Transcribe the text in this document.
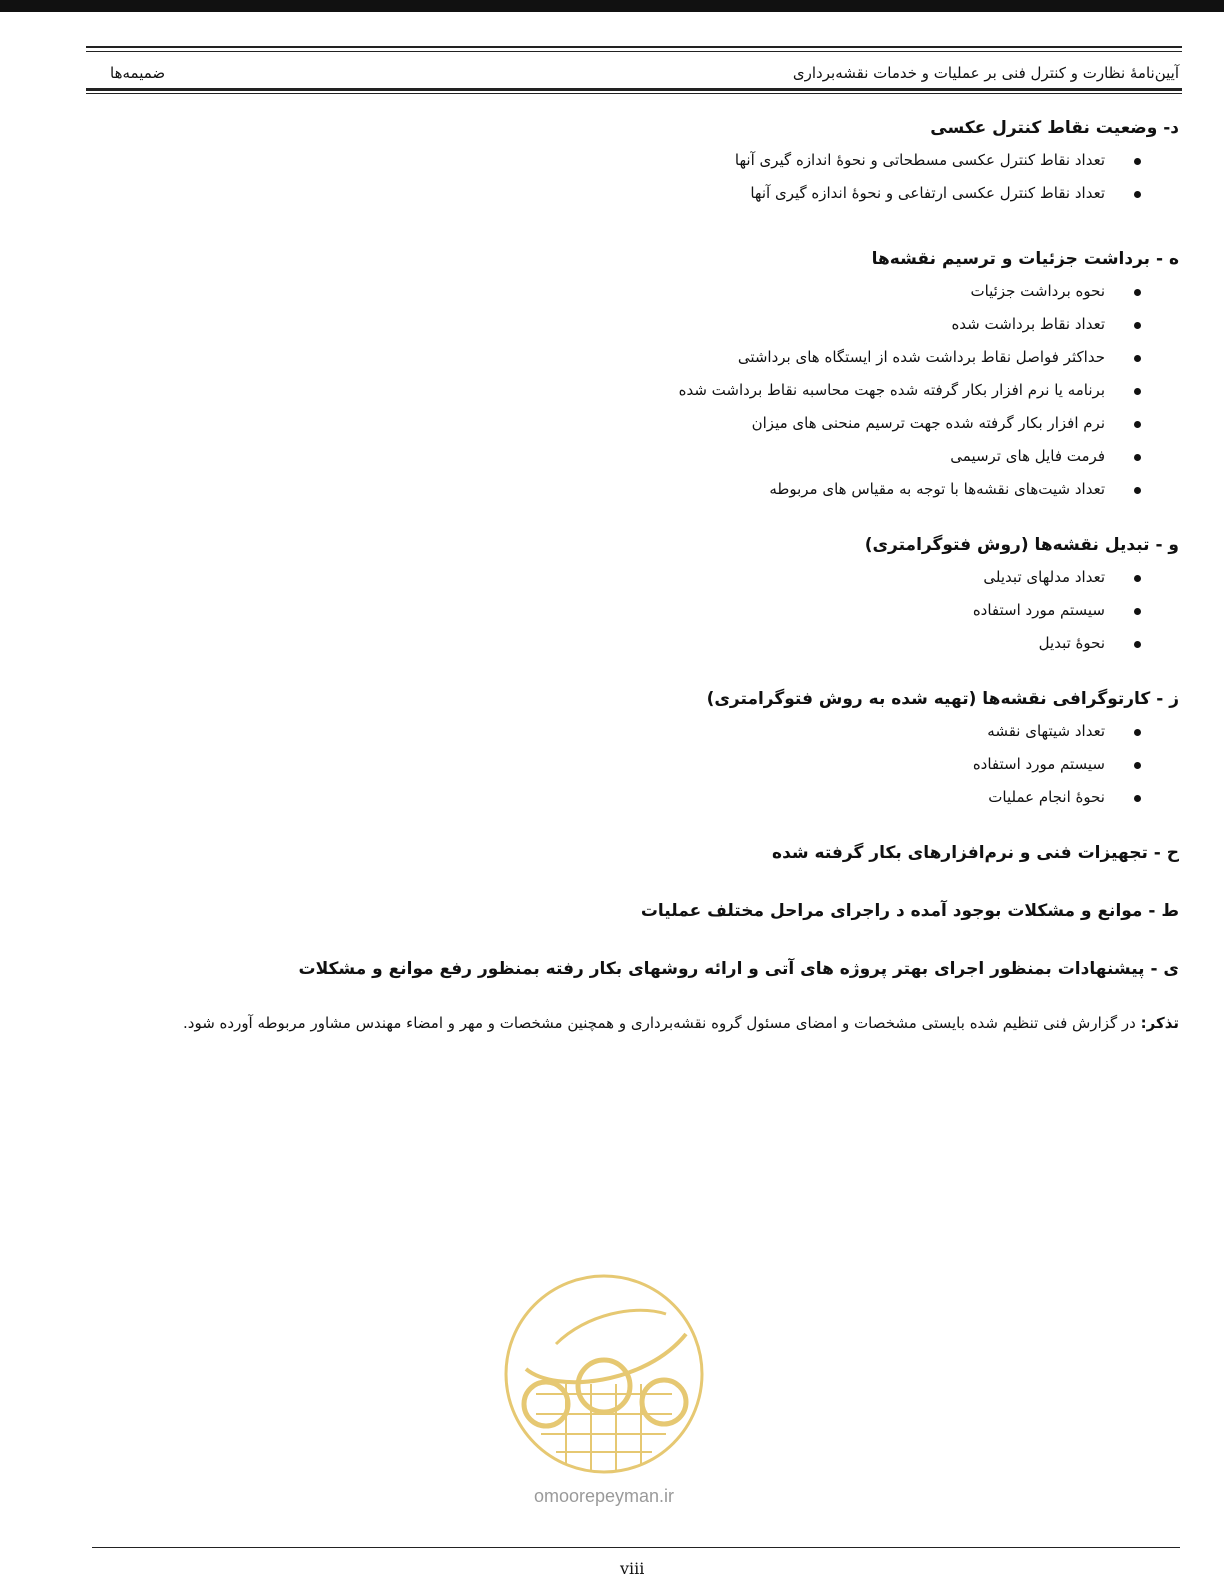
آیین‌نامهٔ نظارت و کنترل فنی بر عملیات و خدمات نقشه‌برداری
ضمیمه‌ها
د- وضعیت نقاط کنترل عکسی
تعداد نقاط کنترل عکسی مسطحاتی و نحوهٔ اندازه گیری آنها
تعداد نقاط کنترل عکسی ارتفاعی و نحوهٔ اندازه گیری آنها
ه - برداشت جزئیات و ترسیم نقشه‌ها
نحوه برداشت جزئیات
تعداد نقاط برداشت شده
حداکثر فواصل نقاط برداشت شده از ایستگاه های برداشتی
برنامه یا نرم افزار بکار گرفته شده جهت محاسبه نقاط برداشت شده
نرم افزار بکار گرفته شده جهت ترسیم منحنی های میزان
فرمت فایل های ترسیمی
تعداد شیت‌های نقشه‌ها با توجه به مقیاس های مربوطه
و - تبدیل نقشه‌ها (روش فتوگرامتری)
تعداد مدلهای تبدیلی
سیستم مورد استفاده
نحوهٔ تبدیل
ز - کارتوگرافی نقشه‌ها (تهیه شده به روش فتوگرامتری)
تعداد شیتهای نقشه
سیستم مورد استفاده
نحوهٔ انجام عملیات
ح - تجهیزات فنی و نرم‌افزارهای بکار گرفته شده
ط - موانع و مشکلات بوجود آمده د راجرای مراحل مختلف عملیات
ی - پیشنهادات بمنظور اجرای بهتر پروژه های آتی و ارائه روشهای بکار رفته بمنظور رفع موانع و مشکلات

تذکر: در گزارش فنی تنظیم شده بایستی مشخصات و امضای مسئول گروه نقشه‌برداری و همچنین مشخصات و مهر و امضاء مهندس مشاور مربوطه آورده شود.

omoorepeyman.ir
viii
